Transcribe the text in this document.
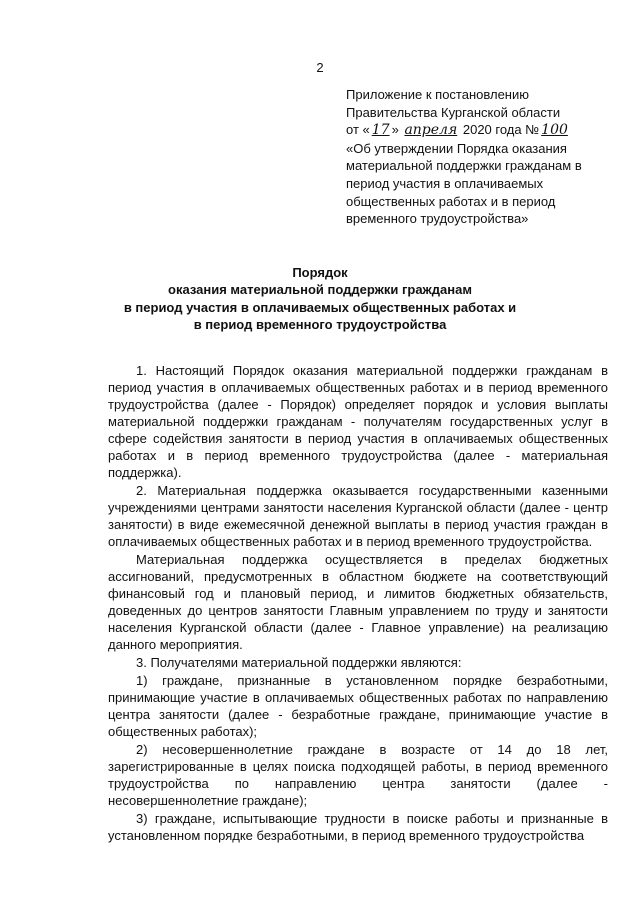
2
Приложение к постановлению
Правительства Курганской области
от « 17 » апреля 2020 года № 100
«Об утверждении Порядка оказания
материальной поддержки гражданам в
период участия в оплачиваемых
общественных работах и в период
временного трудоустройства»
Порядок
оказания материальной поддержки гражданам
в период участия в оплачиваемых общественных работах и
в период временного трудоустройства

1. Настоящий Порядок оказания материальной поддержки гражданам в период участия в оплачиваемых общественных работах и в период временного трудоустройства (далее - Порядок) определяет порядок и условия выплаты материальной поддержки гражданам - получателям государственных услуг в сфере содействия занятости в период участия в оплачиваемых общественных работах и в период временного трудоустройства (далее - материальная поддержка).

2. Материальная поддержка оказывается государственными казенными учреждениями центрами занятости населения Курганской области (далее - центр занятости) в виде ежемесячной денежной выплаты в период участия граждан в оплачиваемых общественных работах и в период временного трудоустройства.

Материальная поддержка осуществляется в пределах бюджетных ассигнований, предусмотренных в областном бюджете на соответствующий финансовый год и плановый период, и лимитов бюджетных обязательств, доведенных до центров занятости Главным управлением по труду и занятости населения Курганской области (далее - Главное управление) на реализацию данного мероприятия.

3. Получателями материальной поддержки являются:

1) граждане, признанные в установленном порядке безработными, принимающие участие в оплачиваемых общественных работах по направлению центра занятости (далее - безработные граждане, принимающие участие в общественных работах);

2) несовершеннолетние граждане в возрасте от 14 до 18 лет, зарегистрированные в целях поиска подходящей работы, в период временного трудоустройства по направлению центра занятости (далее - несовершеннолетние граждане);

3) граждане, испытывающие трудности в поиске работы и признанные в установленном порядке безработными, в период временного трудоустройства
